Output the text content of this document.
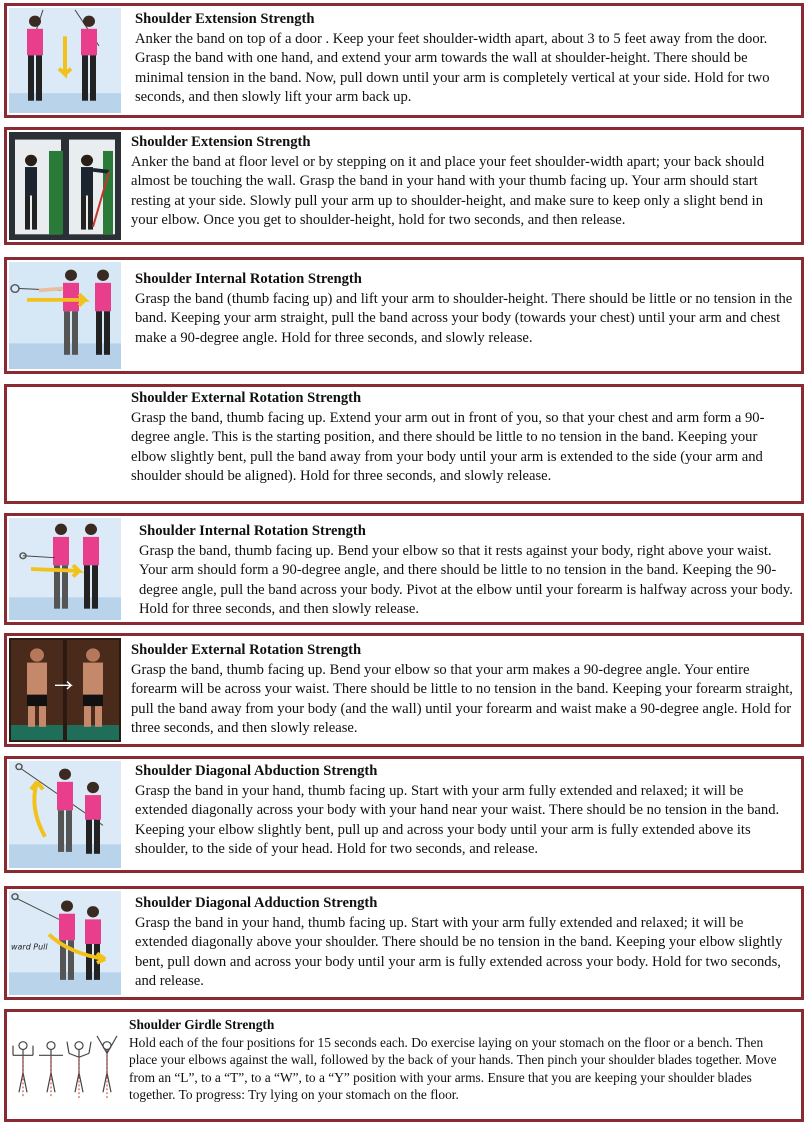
Shoulder Extension Strength
Anker the band on top of a door . Keep your feet shoulder-width apart, about 3 to 5 feet away from the door. Grasp the band with one hand, and extend your arm towards the wall at shoulder-height. There should be minimal tension in the band. Now, pull down until your arm is completely vertical at your side. Hold for two seconds, and then slowly lift your arm back up.
Shoulder Extension Strength
Anker the band at floor level or by stepping on it and place your feet shoulder-width apart; your back should almost be touching the wall. Grasp the band in your hand with your thumb facing up. Your arm should start resting at your side. Slowly pull your arm up to shoulder-height, and make sure to keep only a slight bend in your elbow. Once you get to shoulder-height, hold for two seconds, and then release.
Shoulder Internal Rotation Strength
Grasp the band (thumb facing up) and lift your arm to shoulder-height. There should be little or no tension in the band. Keeping your arm straight, pull the band across your body (towards your chest) until your arm and chest make a 90-degree angle. Hold for three seconds, and slowly release.
Shoulder External Rotation Strength
Grasp the band, thumb facing up. Extend your arm out in front of you, so that your chest and arm form a 90-degree angle. This is the starting position, and there should be little to no tension in the band. Keeping your elbow slightly bent, pull the band away from your body until your arm is extended to the side (your arm and shoulder should be aligned). Hold for three seconds, and slowly release.
Shoulder Internal Rotation Strength
Grasp the band, thumb facing up. Bend your elbow so that it rests against your body, right above your waist. Your arm should form a 90-degree angle, and there should be little to no tension in the band. Keeping the 90-degree angle, pull the band across your body. Pivot at the elbow until your forearm is halfway across your body. Hold for three seconds, and then slowly release.
Shoulder External Rotation Strength
Grasp the band, thumb facing up. Bend your elbow so that your arm makes a 90-degree angle. Your entire forearm will be across your waist. There should be little to no tension in the band. Keeping your forearm straight, pull the band away from your body (and the wall) until your forearm and waist make a 90-degree angle. Hold for three seconds, and then slowly release.
Shoulder Diagonal Abduction Strength
Grasp the band in your hand, thumb facing up. Start with your arm fully extended and relaxed; it will be extended diagonally across your body with your hand near your waist. There should be no tension in the band. Keeping your elbow slightly bent, pull up and across your body until your arm is fully extended above its shoulder, to the side of your head. Hold for two seconds, and release.
ward Pull
Shoulder Diagonal Adduction Strength
Grasp the band in your hand, thumb facing up. Start with your arm fully extended and relaxed; it will be extended diagonally above your shoulder. There should be no tension in the band. Keeping your elbow slightly bent, pull down and across your body until your arm is fully extended across your body. Hold for two seconds, and release.
Shoulder Girdle Strength
Hold each of the four positions for 15 seconds each. Do exercise laying on your stomach on the floor or a bench. Then place your elbows against the wall, followed by the back of your hands. Then pinch your shoulder blades together. Move from an “L”, to a “T”, to a “W”, to a “Y” position with your arms. Ensure that you are keeping your shoulder blades together. To progress: Try lying on your stomach on the floor.
